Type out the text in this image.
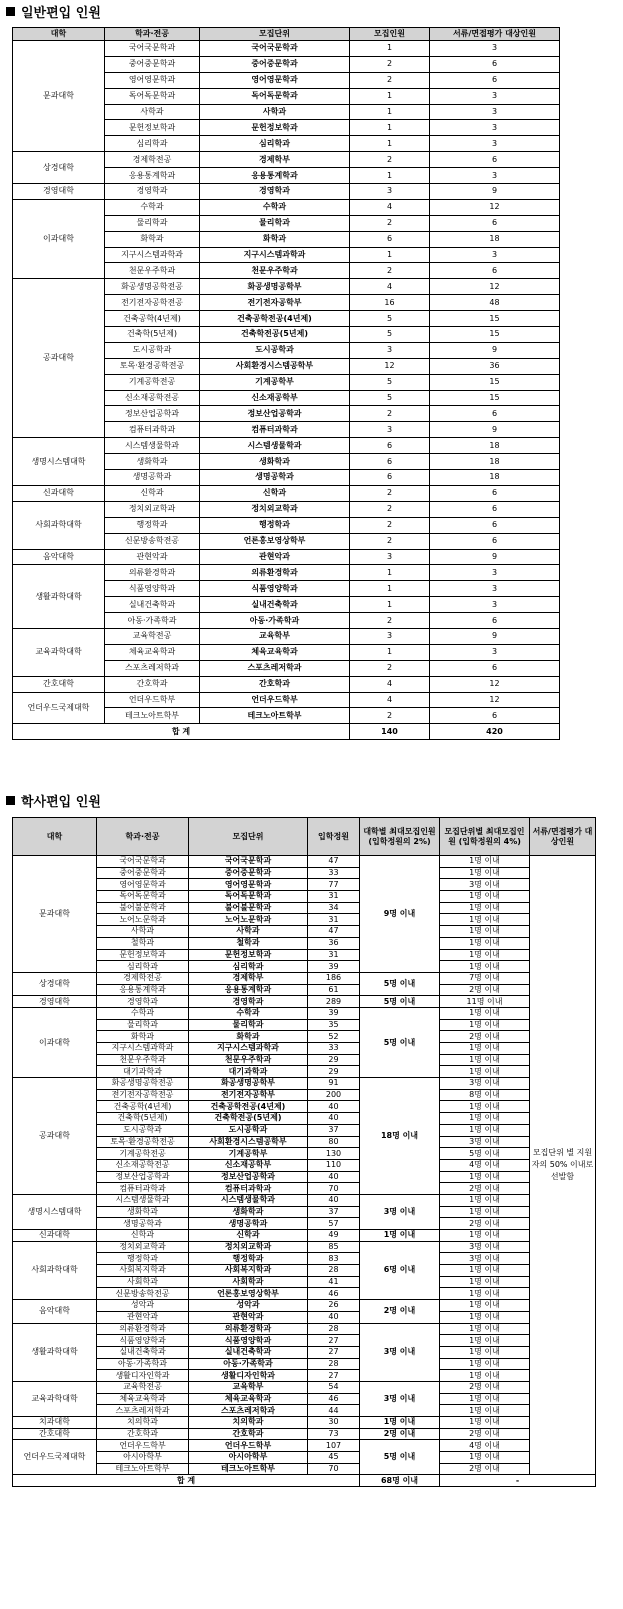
일반편입 인원
대학	학과·전공	모집단위	모집인원	서류/면접평가 대상인원
문과대학	국어국문학과	국어국문학과	1	3
	중어중문학과	중어중문학과	2	6
	영어영문학과	영어영문학과	2	6
	독어독문학과	독어독문학과	1	3
	사학과	사학과	1	3
	문헌정보학과	문헌정보학과	1	3
	심리학과	심리학과	1	3
상경대학	경제학전공	경제학부	2	6
	응용통계학과	응용통계학과	1	3
경영대학	경영학과	경영학과	3	9
이과대학	수학과	수학과	4	12
	물리학과	물리학과	2	6
	화학과	화학과	6	18
	지구시스템과학과	지구시스템과학과	1	3
	천문우주학과	천문우주학과	2	6
공과대학	화공생명공학전공	화공생명공학부	4	12
	전기전자공학전공	전기전자공학부	16	48
	건축공학(4년제)	건축공학전공(4년제)	5	15
	건축학(5년제)	건축학전공(5년제)	5	15
	도시공학과	도시공학과	3	9
	토목·환경공학전공	사회환경시스템공학부	12	36
	기계공학전공	기계공학부	5	15
	신소재공학전공	신소재공학부	5	15
	정보산업공학과	정보산업공학과	2	6
	컴퓨터과학과	컴퓨터과학과	3	9
생명시스템대학	시스템생물학과	시스템생물학과	6	18
	생화학과	생화학과	6	18
	생명공학과	생명공학과	6	18
신과대학	신학과	신학과	2	6
사회과학대학	정치외교학과	정치외교학과	2	6
	행정학과	행정학과	2	6
	신문방송학전공	언론홍보영상학부	2	6
음악대학	관현악과	관현악과	3	9
생활과학대학	의류환경학과	의류환경학과	1	3
	식품영양학과	식품영양학과	1	3
	실내건축학과	실내건축학과	1	3
	아동·가족학과	아동·가족학과	2	6
교육과학대학	교육학전공	교육학부	3	9
	체육교육학과	체육교육학과	1	3
	스포츠레저학과	스포츠레저학과	2	6
간호대학	간호학과	간호학과	4	12
언더우드국제대학	언더우드학부	언더우드학부	4	12
	테크노아트학부	테크노아트학부	2	6
합 계			140	420
학사편입 인원
대학	학과·전공	모집단위	입학정원	대학별 최대모집인원 (입학정원의 2%)	모집단위별 최대모집인원 (입학정원의 4%)	서류/면접평가 대상인원
문과대학	국어국문학과	국어국문학과	47	9명 이내	1명 이내	모집단위 별 지원자의 50% 이내로 선발함
	중어중문학과	중어중문학과	33		1명 이내	
	영어영문학과	영어영문학과	77		3명 이내	
	독어독문학과	독어독문학과	31		1명 이내	
	불어불문학과	불어불문학과	34		1명 이내	
	노어노문학과	노어노문학과	31		1명 이내	
	사학과	사학과	47		1명 이내	
	철학과	철학과	36		1명 이내	
	문헌정보학과	문헌정보학과	31		1명 이내	
	심리학과	심리학과	39		1명 이내	
상경대학	경제학전공	경제학부	186	5명 이내	7명 이내	
	응용통계학과	응용통계학과	61		2명 이내	
경영대학	경영학과	경영학과	289	5명 이내	11명 이내	
이과대학	수학과	수학과	39	5명 이내	1명 이내	
	물리학과	물리학과	35		1명 이내	
	화학과	화학과	52		2명 이내	
	지구시스템과학과	지구시스템과학과	33		1명 이내	
	천문우주학과	천문우주학과	29		1명 이내	
	대기과학과	대기과학과	29		1명 이내	
공과대학	화공생명공학전공	화공생명공학부	91	18명 이내	3명 이내	
	전기전자공학전공	전기전자공학부	200		8명 이내	
	건축공학(4년제)	건축공학전공(4년제)	40		1명 이내	
	건축학(5년제)	건축학전공(5년제)	40		1명 이내	
	도시공학과	도시공학과	37		1명 이내	
	토목·환경공학전공	사회환경시스템공학부	80		3명 이내	
	기계공학전공	기계공학부	130		5명 이내	
	신소재공학전공	신소재공학부	110		4명 이내	
	정보산업공학과	정보산업공학과	40		1명 이내	
	컴퓨터과학과	컴퓨터과학과	70		2명 이내	
생명시스템대학	시스템생물학과	시스템생물학과	40	3명 이내	1명 이내	
	생화학과	생화학과	37		1명 이내	
	생명공학과	생명공학과	57		2명 이내	
신과대학	신학과	신학과	49	1명 이내	1명 이내	
사회과학대학	정치외교학과	정치외교학과	85	6명 이내	3명 이내	
	행정학과	행정학과	83		3명 이내	
	사회복지학과	사회복지학과	28		1명 이내	
	사회학과	사회학과	41		1명 이내	
	신문방송학전공	언론홍보영상학부	46		1명 이내	
음악대학	성악과	성악과	26	2명 이내	1명 이내	
	관현악과	관현악과	40		1명 이내	
생활과학대학	의류환경학과	의류환경학과	28	3명 이내	1명 이내	
	식품영양학과	식품영양학과	27		1명 이내	
	실내건축학과	실내건축학과	27		1명 이내	
	아동·가족학과	아동·가족학과	28		1명 이내	
	생활디자인학과	생활디자인학과	27		1명 이내	
교육과학대학	교육학전공	교육학부	54	3명 이내	2명 이내	
	체육교육학과	체육교육학과	46		1명 이내	
	스포츠레저학과	스포츠레저학과	44		1명 이내	
치과대학	치의학과	치의학과	30	1명 이내	1명 이내	
간호대학	간호학과	간호학과	73	2명 이내	2명 이내	
언더우드국제대학	언더우드학부	언더우드학부	107	5명 이내	4명 이내	
	아시아학부	아시아학부	45		1명 이내	
	테크노아트학부	테크노아트학부	70		2명 이내	
합 계				68명 이내	-	
